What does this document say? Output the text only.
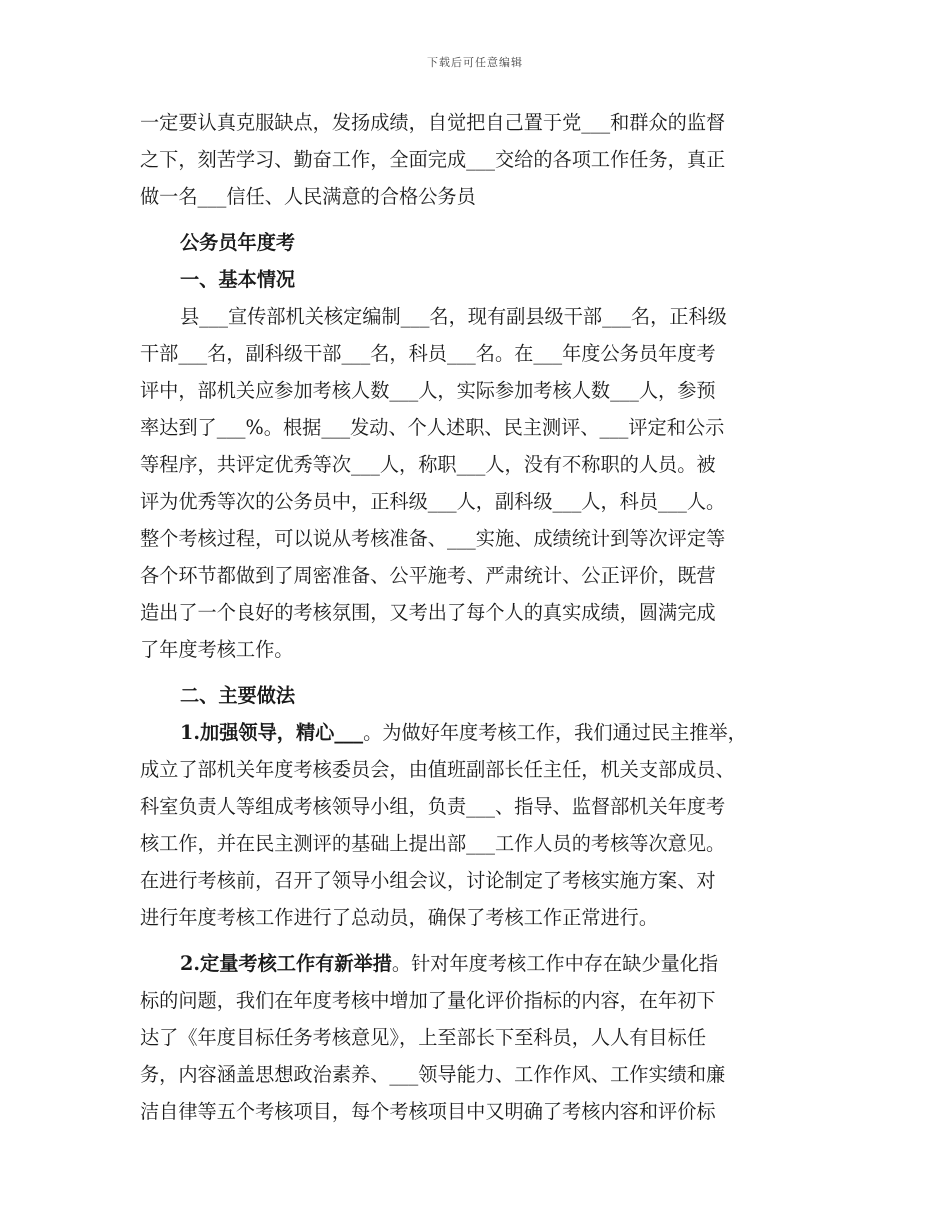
下载后可任意编辑
一定要认真克服缺点，发扬成绩，自觉把自己置于党___和群众的监督
之下，刻苦学习、勤奋工作，全面完成___交给的各项工作任务，真正
做一名___信任、人民满意的合格公务员
公务员年度考
一、基本情况
县___宣传部机关核定编制___名，现有副县级干部___名，正科级
干部___名，副科级干部___名，科员___名。在___年度公务员年度考
评中，部机关应参加考核人数___人，实际参加考核人数___人，参预
率达到了___%。根据___发动、个人述职、民主测评、___评定和公示
等程序，共评定优秀等次___人，称职___人，没有不称职的人员。被
评为优秀等次的公务员中，正科级___人，副科级___人，科员___人。
整个考核过程，可以说从考核准备、___实施、成绩统计到等次评定等
各个环节都做到了周密准备、公平施考、严肃统计、公正评价，既营
造出了一个良好的考核氛围，又考出了每个人的真实成绩，圆满完成
了年度考核工作。
二、主要做法
1.加强领导，精心___。为做好年度考核工作，我们通过民主推举，
成立了部机关年度考核委员会，由值班副部长任主任，机关支部成员、
科室负责人等组成考核领导小组，负责___、指导、监督部机关年度考
核工作，并在民主测评的基础上提出部___工作人员的考核等次意见。
在进行考核前，召开了领导小组会议，讨论制定了考核实施方案、对
进行年度考核工作进行了总动员，确保了考核工作正常进行。
2.定量考核工作有新举措。针对年度考核工作中存在缺少量化指
标的问题，我们在年度考核中增加了量化评价指标的内容，在年初下
达了《年度目标任务考核意见》，上至部长下至科员，人人有目标任
务，内容涵盖思想政治素养、___领导能力、工作作风、工作实绩和廉
洁自律等五个考核项目，每个考核项目中又明确了考核内容和评价标
